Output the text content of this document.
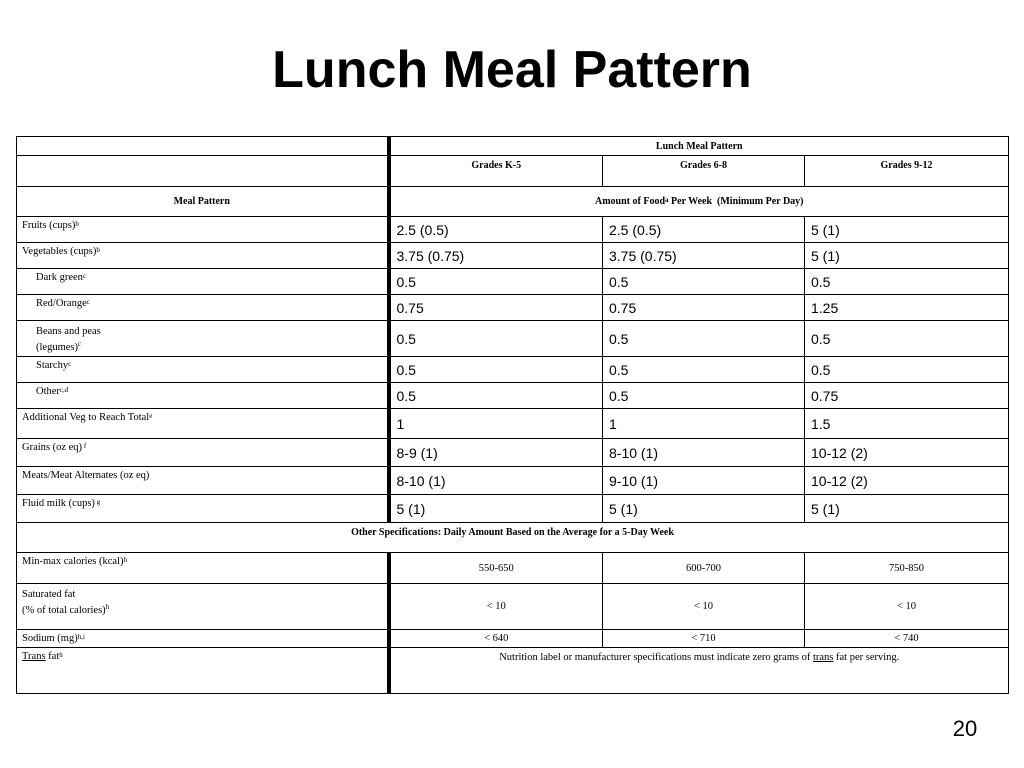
Lunch Meal Pattern
	Lunch Meal Pattern		
	Grades K-5	Grades 6-8	Grades 9-12
Meal Pattern	Amount of Food$^a$ Per Week  (Minimum Per Day)		
Fruits (cups)$^b$	2.5 (0.5)	2.5 (0.5)	5 (1)
Vegetables (cups)$^b$	3.75 (0.75)	3.75 (0.75)	5 (1)
Dark green$^c$	0.5	0.5	0.5
Red/Orange$^c$	0.75	0.75	1.25

Beans and peas
(legumes)$^c$	0.5	0.5	0.5
Starchy$^c$	0.5	0.5	0.5
Other$^{c,d}$	0.5	0.5	0.75
Additional Veg to Reach Total$^e$	1	1	1.5
Grains (oz eq) $^f$	8-9 (1)	8-10 (1)	10-12 (2)
Meats/Meat Alternates (oz eq)	8-10 (1)	9-10 (1)	10-12 (2)
Fluid milk (cups) $^g$	5 (1)	5 (1)	5 (1)
Other Specifications: Daily Amount Based on the Average for a 5-Day Week			
Min-max calories (kcal)$^h$	550-650	600-700	750-850

Saturated fat
(% of total calories)$^h$	< 10	< 10	< 10
Sodium (mg)$^{h,i}$	< 640	< 710	< 740
Trans fat$^h$	Nutrition label or manufacturer specifications must indicate zero grams of trans fat per serving.		
20
